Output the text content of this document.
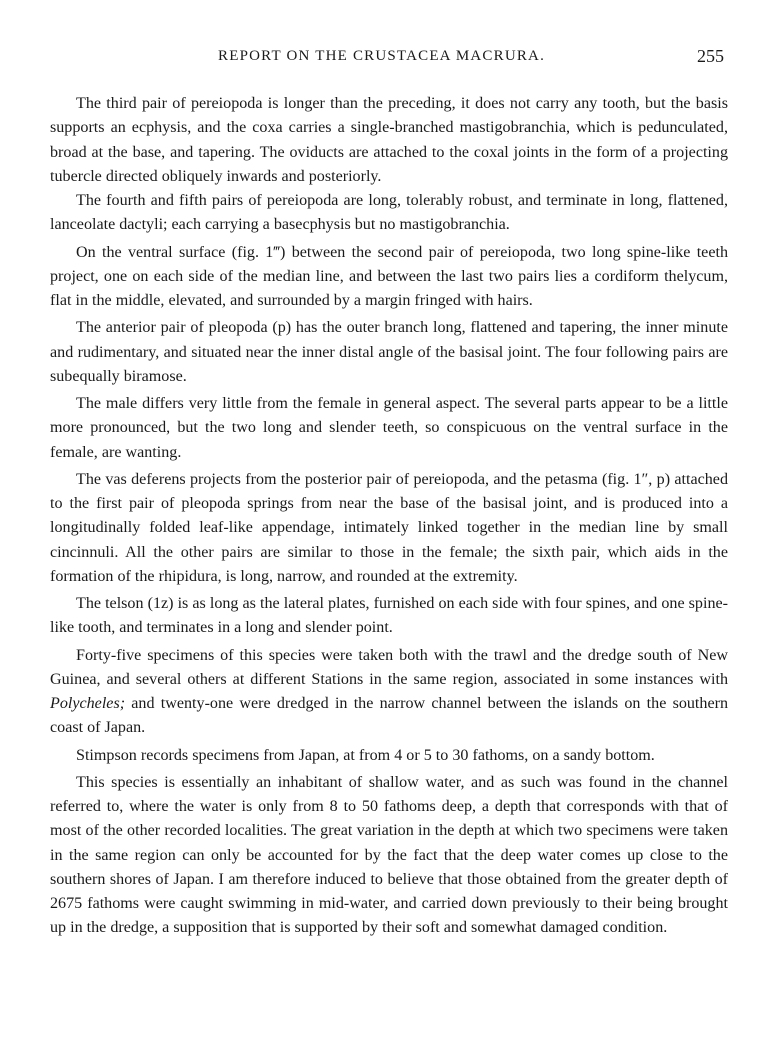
REPORT ON THE CRUSTACEA MACRURA.	255

The third pair of pereiopoda is longer than the preceding, it does not carry any tooth, but the basis supports an ecphysis, and the coxa carries a single-branched mastigobranchia, which is pedunculated, broad at the base, and tapering. The oviducts are attached to the coxal joints in the form of a projecting tubercle directed obliquely inwards and posteriorly.

The fourth and fifth pairs of pereiopoda are long, tolerably robust, and terminate in long, flattened, lanceolate dactyli; each carrying a basecphysis but no mastigobranchia.

On the ventral surface (fig. 1‴) between the second pair of pereiopoda, two long spine-like teeth project, one on each side of the median line, and between the last two pairs lies a cordiform thelycum, flat in the middle, elevated, and surrounded by a margin fringed with hairs.

The anterior pair of pleopoda (p) has the outer branch long, flattened and tapering, the inner minute and rudimentary, and situated near the inner distal angle of the basisal joint. The four following pairs are subequally biramose.

The male differs very little from the female in general aspect. The several parts appear to be a little more pronounced, but the two long and slender teeth, so conspicuous on the ventral surface in the female, are wanting.

The vas deferens projects from the posterior pair of pereiopoda, and the petasma (fig. 1″, p) attached to the first pair of pleopoda springs from near the base of the basisal joint, and is produced into a longitudinally folded leaf-like appendage, intimately linked together in the median line by small cincinnuli. All the other pairs are similar to those in the female; the sixth pair, which aids in the formation of the rhipidura, is long, narrow, and rounded at the extremity.

The telson (1z) is as long as the lateral plates, furnished on each side with four spines, and one spine-like tooth, and terminates in a long and slender point.

Forty-five specimens of this species were taken both with the trawl and the dredge south of New Guinea, and several others at different Stations in the same region, associated in some instances with Polycheles; and twenty-one were dredged in the narrow channel between the islands on the southern coast of Japan.

Stimpson records specimens from Japan, at from 4 or 5 to 30 fathoms, on a sandy bottom.

This species is essentially an inhabitant of shallow water, and as such was found in the channel referred to, where the water is only from 8 to 50 fathoms deep, a depth that corresponds with that of most of the other recorded localities. The great variation in the depth at which two specimens were taken in the same region can only be accounted for by the fact that the deep water comes up close to the southern shores of Japan. I am therefore induced to believe that those obtained from the greater depth of 2675 fathoms were caught swimming in mid-water, and carried down previously to their being brought up in the dredge, a supposition that is supported by their soft and somewhat damaged condition.
